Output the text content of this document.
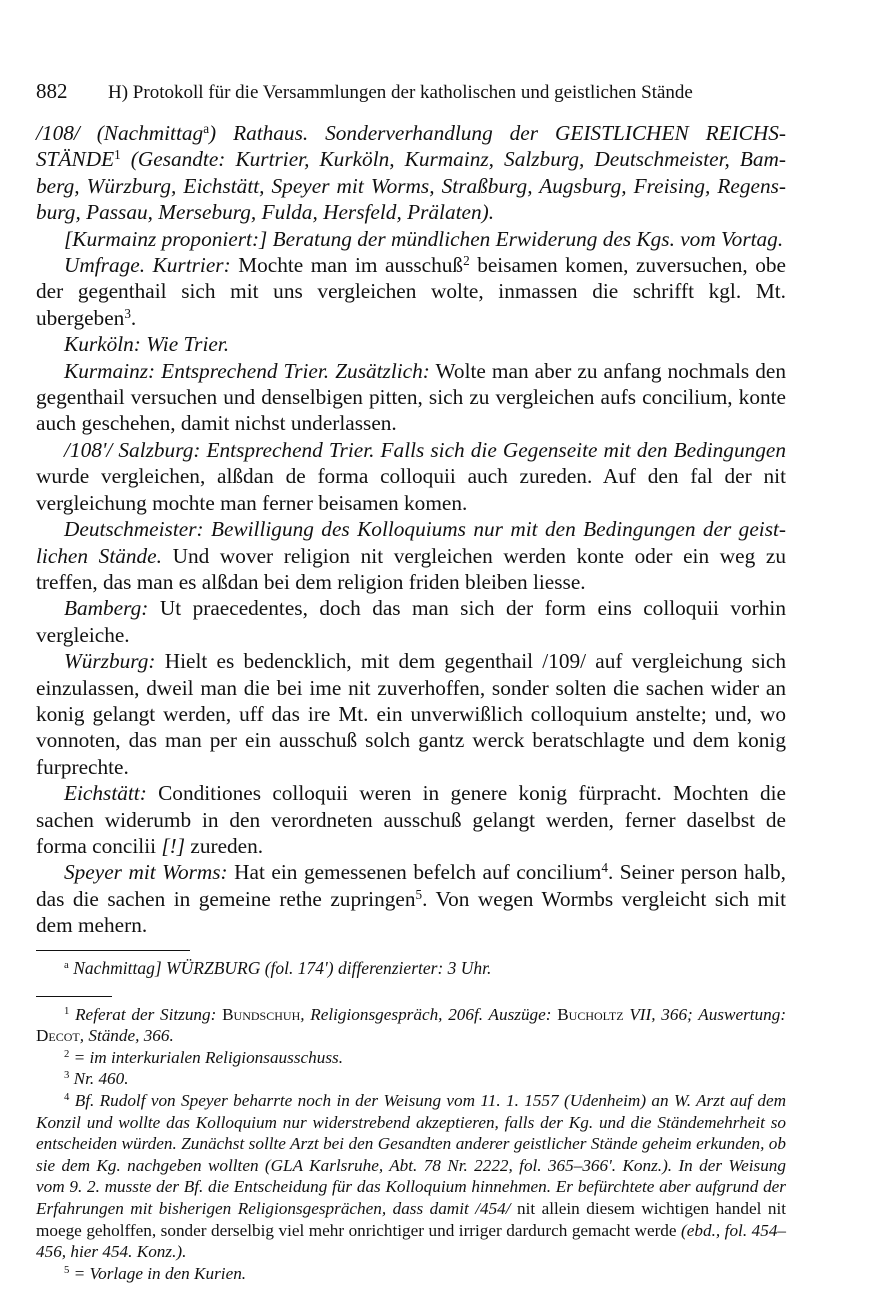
882 H) Protokoll für die Versammlungen der katholischen und geistlichen Stände

/108/ (Nachmittag$^a$) Rathaus. Sonderverhandlung der GEISTLICHEN REICHS- STÄNDE$^1$ (Gesandte: Kurtrier, Kurköln, Kurmainz, Salzburg, Deutschmeister, Bam-berg, Würzburg, Eichstätt, Speyer mit Worms, Straßburg, Augsburg, Freising, Regens-burg, Passau, Merseburg, Fulda, Hersfeld, Prälaten).

[Kurmainz proponiert:] Beratung der mündlichen Erwiderung des Kgs. vom Vortag.

Umfrage. Kurtrier: Mochte man im ausschuß$^2$ beisamen komen, zuversuchen, obe der gegenthail sich mit uns vergleichen wolte, inmassen die schrifft kgl. Mt. ubergeben$^3$.

Kurköln: Wie Trier.

Kurmainz: Entsprechend Trier. Zusätzlich: Wolte man aber zu anfang nochmals den gegenthail versuchen und denselbigen pitten, sich zu vergleichen aufs concilium, konte auch geschehen, damit nichst underlassen.

/108'/ Salzburg: Entsprechend Trier. Falls sich die Gegenseite mit den Bedingungen wurde vergleichen, alßdan de forma colloquii auch zureden. Auf den fal der nit vergleichung mochte man ferner beisamen komen.

Deutschmeister: Bewilligung des Kolloquiums nur mit den Bedingungen der geist-lichen Stände. Und wover religion nit vergleichen werden konte oder ein weg zu treffen, das man es alßdan bei dem religion friden bleiben liesse.

Bamberg: Ut praecedentes, doch das man sich der form eins colloquii vorhin vergleiche.

Würzburg: Hielt es bedencklich, mit dem gegenthail /109/ auf vergleichung sich einzulassen, dweil man die bei ime nit zuverhoffen, sonder solten die sachen wider an konig gelangt werden, uff das ire Mt. ein unverwißlich colloquium anstelte; und, wo vonnoten, das man per ein ausschuß solch gantz werck beratschlagte und dem konig furprechte.

Eichstätt: Conditiones colloquii weren in genere konig fürpracht. Mochten die sachen widerumb in den verordneten ausschuß gelangt werden, ferner daselbst de forma concilii [!] zureden.

Speyer mit Worms: Hat ein gemessenen befelch auf concilium$^4$. Seiner person halb, das die sachen in gemeine rethe zupringen$^5$. Von wegen Wormbs vergleicht sich mit dem mehern.

$^a$ Nachmittag] WÜRZBURG (fol. 174') differenzierter: 3 Uhr.

$^1$ Referat der Sitzung: Bundschuh, Religionsgespräch, 206f. Auszüge: Bucholtz VII, 366; Auswertung: Decot, Stände, 366.

$^2$ = im interkurialen Religionsausschuss.

$^3$ Nr. 460.

$^4$ Bf. Rudolf von Speyer beharrte noch in der Weisung vom 11. 1. 1557 (Udenheim) an W. Arzt auf dem Konzil und wollte das Kolloquium nur widerstrebend akzeptieren, falls der Kg. und die Ständemehrheit so entscheiden würden. Zunächst sollte Arzt bei den Gesandten anderer geistlicher Stände geheim erkunden, ob sie dem Kg. nachgeben wollten (GLA Karlsruhe, Abt. 78 Nr. 2222, fol. 365–366'. Konz.). In der Weisung vom 9. 2. musste der Bf. die Entscheidung für das Kolloquium hinnehmen. Er befürchtete aber aufgrund der Erfahrungen mit bisherigen Religionsgesprächen, dass damit /454/ nit allein diesem wichtigen handel nit moege geholffen, sonder derselbig viel mehr onrichtiger und irriger dardurch gemacht werde (ebd., fol. 454–456, hier 454. Konz.).

$^5$ = Vorlage in den Kurien.
